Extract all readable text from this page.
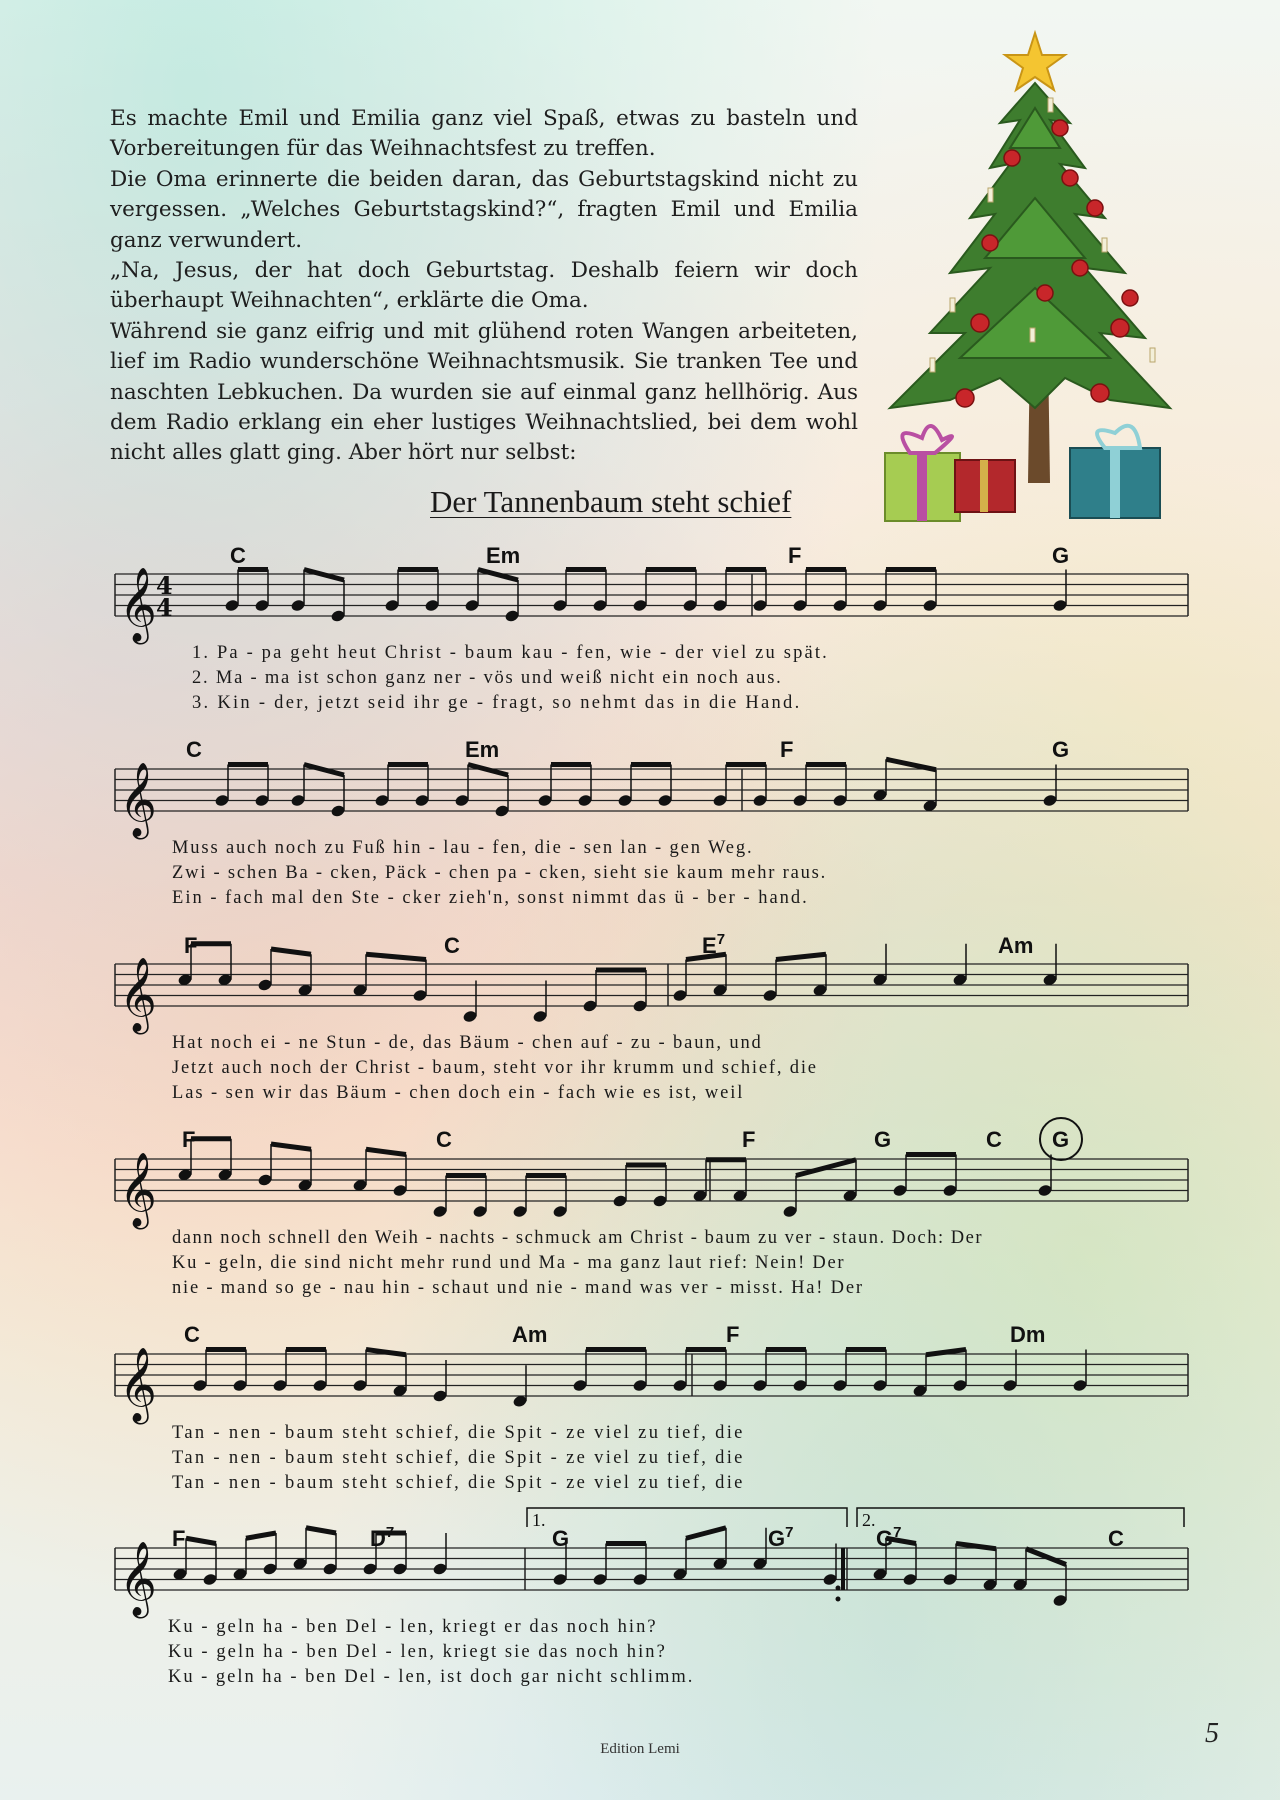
Es machte Emil und Emilia ganz viel Spaß, etwas zu basteln und Vorbereitungen für das Weihnachtsfest zu treffen.

Die Oma erinnerte die beiden daran, das Geburtstagskind nicht zu vergessen. „Welches Geburtstagskind?“, fragten Emil und Emilia ganz verwundert.

„Na, Jesus, der hat doch Geburtstag. Deshalb feiern wir doch überhaupt Weihnachten“, erklärte die Oma.

Während sie ganz eifrig und mit glühend roten Wangen arbeiteten, lief im Radio wunderschöne Weihnachtsmusik. Sie tranken Tee und naschten Lebkuchen. Da wurden sie auf einmal ganz hellhörig. Aus dem Radio erklang ein eher lustiges Weihnachtslied, bei dem wohl nicht alles glatt ging. Aber hört nur selbst:

Der Tannenbaum steht schief
𝄞 4
4
C	Em	F	G
1. Pa - pa geht heut Christ - baum kau - fen, wie - der viel zu spät.
2. Ma - ma ist schon ganz ner - vös und weiß nicht ein noch aus.
3. Kin - der, jetzt seid ihr ge - fragt, so nehmt das in die Hand.
𝄞
C	Em	F	G
Muss auch noch zu Fuß hin - lau - fen, die - sen lan - gen Weg.
Zwi - schen Ba - cken, Päck - chen pa - cken, sieht sie kaum mehr raus.
Ein - fach mal den Ste - cker zieh'n, sonst nimmt das ü - ber - hand.
𝄞
F	C	$E^7$	Am
Hat noch ei - ne Stun - de, das Bäum - chen auf - zu - baun, und
Jetzt auch noch der Christ - baum, steht vor ihr krumm und schief, die
Las - sen wir das Bäum - chen doch ein - fach wie es ist, weil
𝄞
F	C	F	G	C G
dann noch schnell den Weih - nachts - schmuck am Christ - baum zu ver - staun. Doch: Der
Ku - geln, die sind nicht mehr rund und Ma - ma ganz laut rief: Nein! Der
nie - mand so ge - nau hin - schaut und nie - mand was ver - misst. Ha! Der
𝄞
C	Am	F	Dm
Tan - nen - baum steht schief, die Spit - ze viel zu tief, die
Tan - nen - baum steht schief, die Spit - ze viel zu tief, die
Tan - nen - baum steht schief, die Spit - ze viel zu tief, die
𝄞
F	$D^7$	G	$G^7$	$G^7$	C
1.	2.
Ku - geln ha - ben Del - len, kriegt er das noch hin?
Ku - geln ha - ben Del - len, kriegt sie das noch hin?
Ku - geln ha - ben Del - len, ist doch gar nicht schlimm.
Edition Lemi	5
